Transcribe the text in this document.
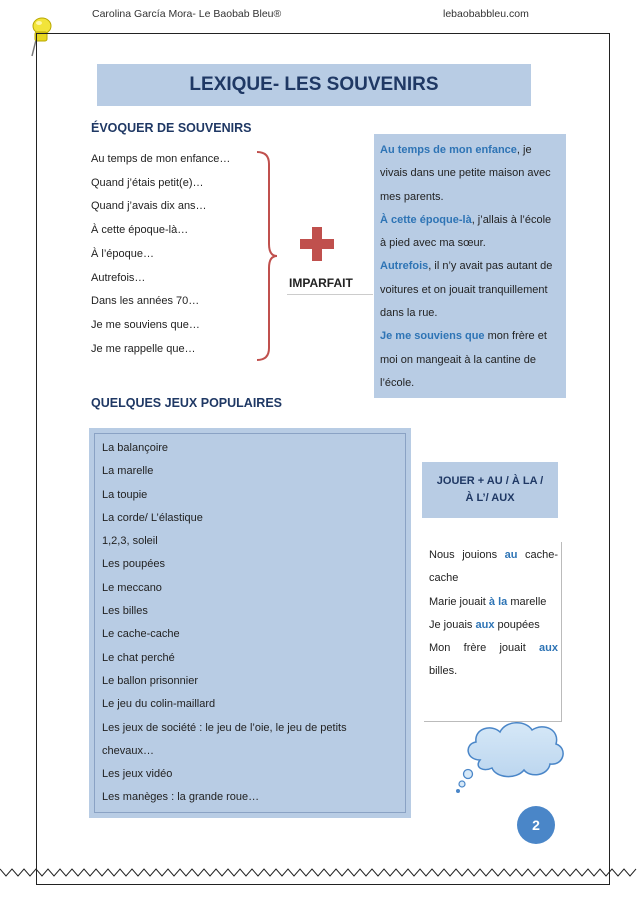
Carolina García Mora- Le Baobab Bleu®	lebaobabbleu.com
LEXIQUE- LES SOUVENIRS
ÉVOQUER DE SOUVENIRS
Au temps de mon enfance…
Quand j’étais petit(e)…
Quand j’avais dix ans…
À cette époque-là…
À l’époque…
Autrefois…
Dans les années 70…
Je me souviens que…
Je me rappelle que…
IMPARFAIT

Au temps de mon enfance, je vivais dans une petite maison avec mes parents.

À cette époque-là, j’allais à l’école à pied avec ma sœur.

Autrefois, il n’y avait pas autant de voitures et on jouait tranquillement dans la rue.

Je me souviens que mon frère et moi on mangeait à la cantine de l’école.

QUELQUES JEUX POPULAIRES
La balançoire
La marelle
La toupie
La corde/ L’élastique
1,2,3, soleil
Les poupées
Le meccano
Les billes
Le cache-cache
Le chat perché
Le ballon prisonnier
Le jeu du colin-maillard
Les jeux de société : le jeu de l’oie, le jeu de petits chevaux…
Les jeux vidéo
Les manèges : la grande roue…
JOUER + AU / À LA / À L’/ AUX

Nous jouions au cache-cache

Marie jouait à la marelle

Je jouais aux poupées

Mon frère jouait aux billes.

2
